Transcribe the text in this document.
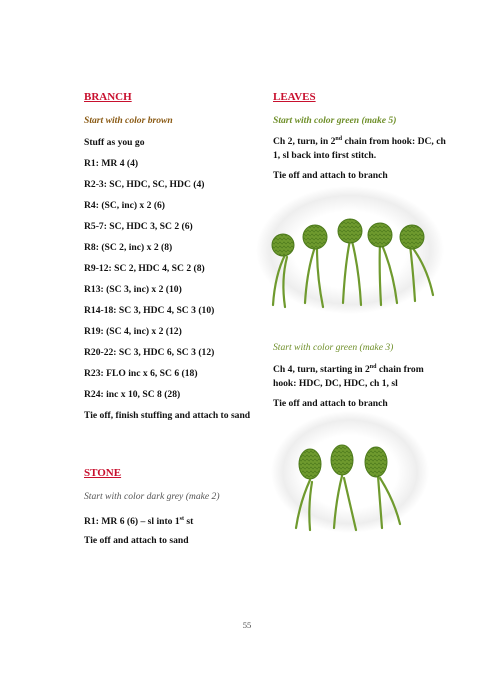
BRANCH
Start with color brown
Stuff as you go
R1: MR 4 (4)
R2-3: SC, HDC, SC, HDC (4)
R4: (SC, inc) x 2 (6)
R5-7: SC, HDC 3, SC 2 (6)
R8: (SC 2, inc) x 2 (8)
R9-12: SC 2, HDC 4, SC 2 (8)
R13: (SC 3, inc) x 2 (10)
R14-18: SC 3, HDC 4, SC 3 (10)
R19: (SC 4, inc) x 2 (12)
R20-22: SC 3, HDC 6, SC 3 (12)
R23: FLO inc x 6, SC 6 (18)
R24: inc x 10, SC 8 (28)
Tie off, finish stuffing and attach to sand
STONE
Start with color dark grey (make 2)
R1: MR 6 (6) – sl into 1st st
Tie off and attach to sand
LEAVES
Start with color green (make 5)
Ch 2, turn, in 2nd chain from hook: DC, ch 1, sl back into first stitch.
Tie off and attach to branch
Start with color green (make 3)
Ch 4, turn, starting in 2nd chain from hook: HDC, DC, HDC, ch 1, sl
Tie off and attach to branch
55
